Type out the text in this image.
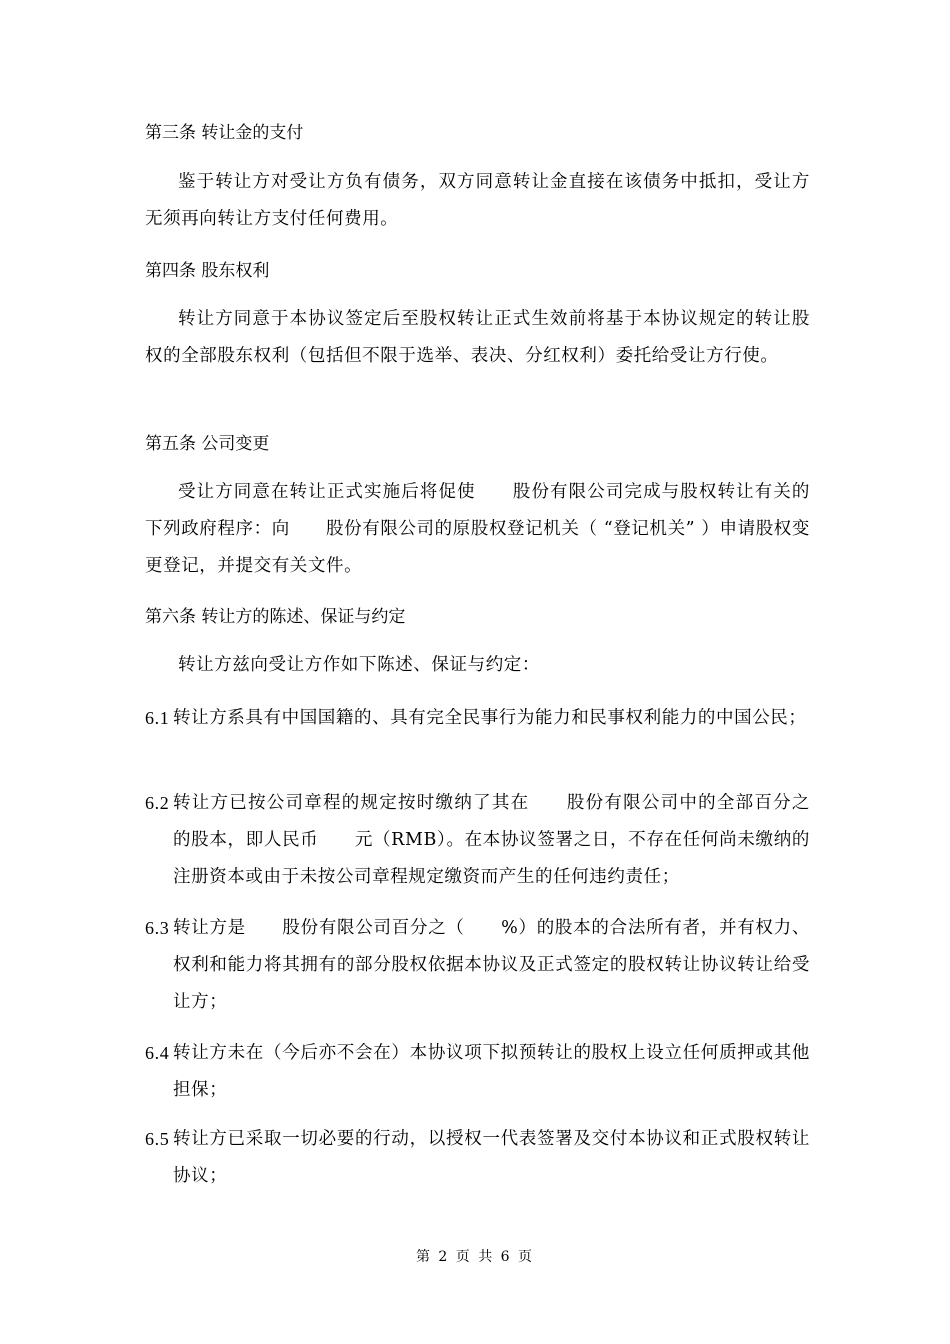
第三条 转让金的支付
鉴于转让方对受让方负有债务，双方同意转让金直接在该债务中抵扣，受让方无须再向转让方支付任何费用。
第四条 股东权利
转让方同意于本协议签定后至股权转让正式生效前将基于本协议规定的转让股权的全部股东权利（包括但不限于选举、表决、分红权利）委托给受让方行使。
第五条 公司变更
受让方同意在转让正式实施后将促使　　股份有限公司完成与股权转让有关的下列政府程序：向　　股份有限公司的原股权登记机关（ “登记机关” ）申请股权变更登记，并提交有关文件。
第六条 转让方的陈述、保证与约定
转让方兹向受让方作如下陈述、保证与约定：
6.1 转让方系具有中国国籍的、具有完全民事行为能力和民事权利能力的中国公民；
6.2 转让方已按公司章程的规定按时缴纳了其在　　股份有限公司中的全部百分之　　的股本，即人民币　　元（RMB）。在本协议签署之日，不存在任何尚未缴纳的注册资本或由于未按公司章程规定缴资而产生的任何违约责任；
6.3 转让方是　　股份有限公司百分之（　　%）的股本的合法所有者，并有权力、权利和能力将其拥有的部分股权依据本协议及正式签定的股权转让协议转让给受让方；
6.4 转让方未在（今后亦不会在）本协议项下拟预转让的股权上设立任何质押或其他担保；
6.5 转让方已采取一切必要的行动，以授权一代表签署及交付本协议和正式股权转让协议；
第 2 页 共 6 页
